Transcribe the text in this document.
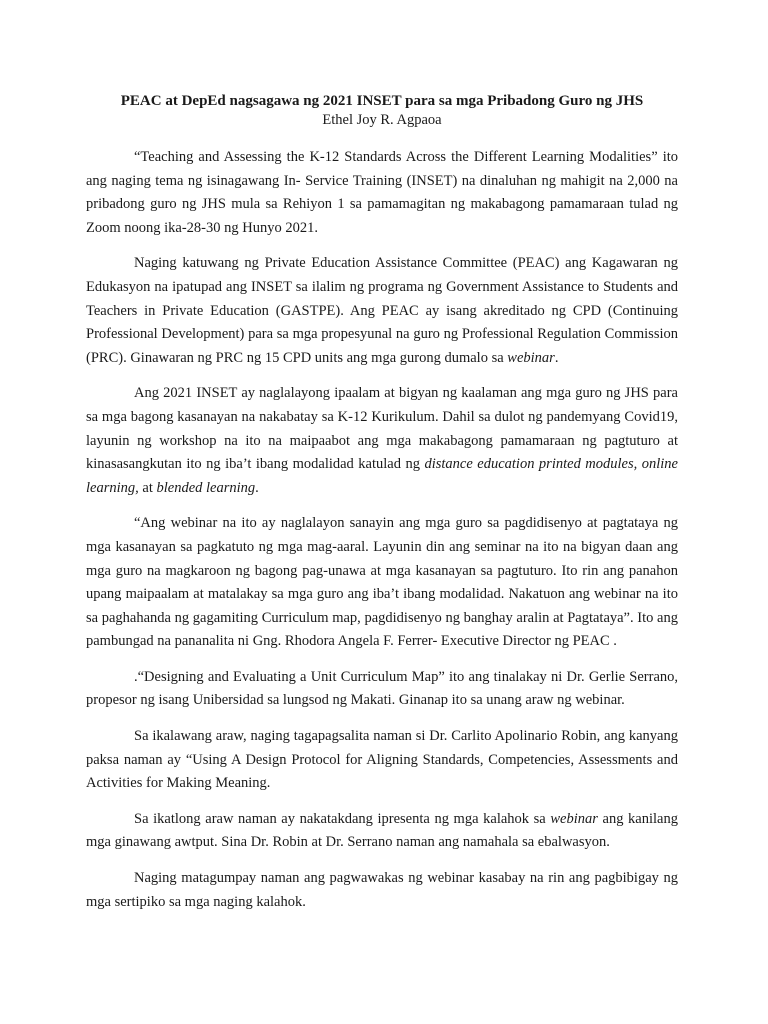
PEAC at DepEd nagsagawa ng 2021 INSET para sa mga Pribadong Guro ng JHS

Ethel Joy R. Agpaoa

“Teaching and Assessing the K-12 Standards Across the Different Learning Modalities” ito ang naging tema ng isinagawang In- Service Training (INSET) na dinaluhan ng mahigit na 2,000 na pribadong guro ng JHS mula sa Rehiyon 1 sa pamamagitan ng makabagong pamamaraan tulad ng Zoom noong ika-28-30 ng Hunyo 2021.

Naging katuwang ng Private Education Assistance Committee (PEAC) ang Kagawaran ng Edukasyon na ipatupad ang INSET sa ilalim ng programa ng Government Assistance to Students and Teachers in Private Education (GASTPE). Ang PEAC ay isang akreditado ng CPD (Continuing Professional Development) para sa mga propesyunal na guro ng Professional Regulation Commission (PRC). Ginawaran ng PRC ng 15 CPD units ang mga gurong dumalo sa webinar.

Ang 2021 INSET ay naglalayong ipaalam at bigyan ng kaalaman ang mga guro ng JHS para sa mga bagong kasanayan na nakabatay sa K-12 Kurikulum. Dahil sa dulot ng pandemyang Covid19, layunin ng workshop na ito na maipaabot ang mga makabagong pamamaraan ng pagtuturo at kinasasangkutan ito ng iba’t ibang modalidad katulad ng distance education printed modules, online learning, at blended learning.

“Ang webinar na ito ay naglalayon sanayin ang mga guro sa pagdidisenyo at pagtataya ng mga kasanayan sa pagkatuto ng mga mag-aaral. Layunin din ang seminar na ito na bigyan daan ang mga guro na magkaroon ng bagong pag-unawa at mga kasanayan sa pagtuturo. Ito rin ang panahon upang maipaalam at matalakay sa mga guro ang iba’t ibang modalidad. Nakatuon ang webinar na ito sa paghahanda ng gagamiting Curriculum map, pagdidisenyo ng banghay aralin at Pagtataya”. Ito ang pambungad na pananalita ni Gng. Rhodora Angela F. Ferrer- Executive Director ng PEAC .

.“Designing and Evaluating a Unit Curriculum Map” ito ang tinalakay ni Dr. Gerlie Serrano, propesor ng isang Unibersidad sa lungsod ng Makati. Ginanap ito sa unang araw ng webinar.

Sa ikalawang araw, naging tagapagsalita naman si Dr. Carlito Apolinario Robin, ang kanyang paksa naman ay “Using A Design Protocol for Aligning Standards, Competencies, Assessments and Activities for Making Meaning.

Sa ikatlong araw naman ay nakatakdang ipresenta ng mga kalahok sa webinar ang kanilang mga ginawang awtput. Sina Dr. Robin at Dr. Serrano naman ang namahala sa ebalwasyon.

Naging matagumpay naman ang pagwawakas ng webinar kasabay na rin ang pagbibigay ng mga sertipiko sa mga naging kalahok.
